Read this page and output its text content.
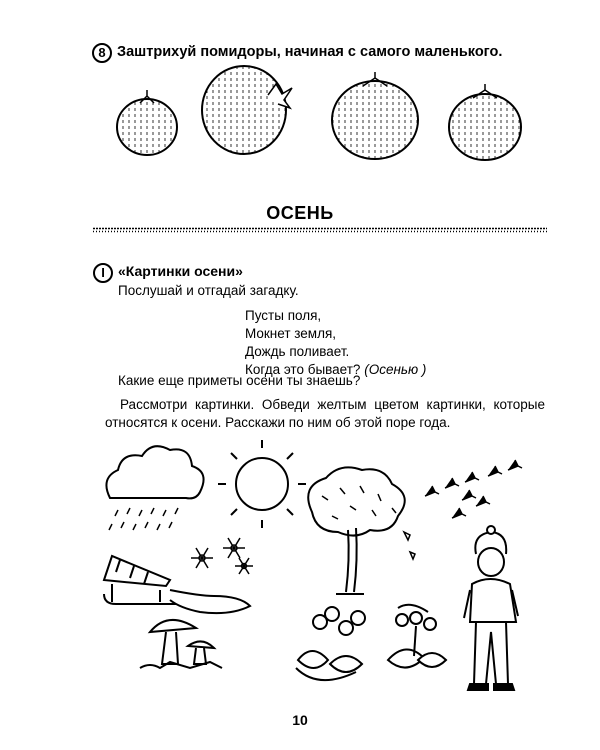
8 Заштрихуй помидоры, начиная с самого маленького.
ОСЕНЬ
I «Картинки осени»
Послушай и отгадай загадку.
Пусты поля,
Мокнет земля,
Дождь поливает.
Когда это бывает? (Осенью )
Какие еще приметы осени ты знаешь?
Рассмотри картинки. Обведи желтым цветом картинки, которые относятся к осени. Расскажи по ним об этой поре года.
10
